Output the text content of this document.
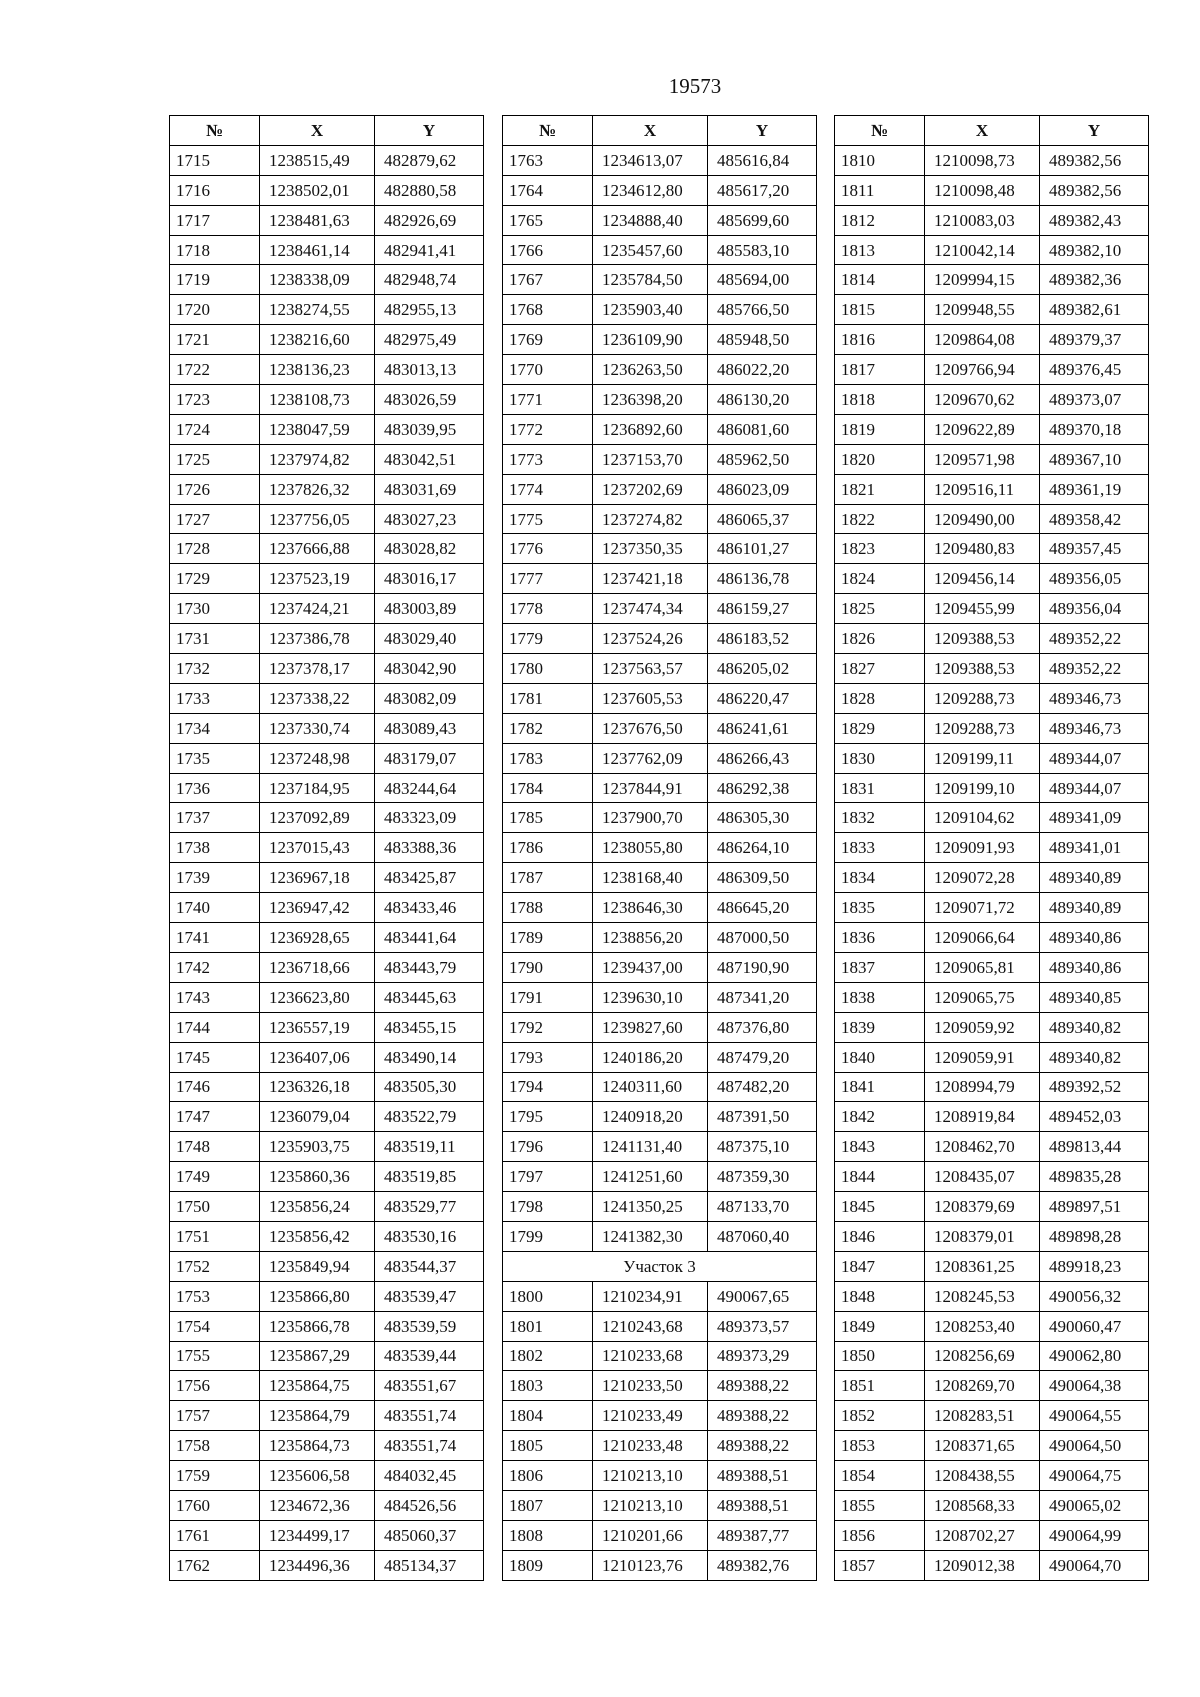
19573
№	X	Y
1715	1238515,49	482879,62
1716	1238502,01	482880,58
1717	1238481,63	482926,69
1718	1238461,14	482941,41
1719	1238338,09	482948,74
1720	1238274,55	482955,13
1721	1238216,60	482975,49
1722	1238136,23	483013,13
1723	1238108,73	483026,59
1724	1238047,59	483039,95
1725	1237974,82	483042,51
1726	1237826,32	483031,69
1727	1237756,05	483027,23
1728	1237666,88	483028,82
1729	1237523,19	483016,17
1730	1237424,21	483003,89
1731	1237386,78	483029,40
1732	1237378,17	483042,90
1733	1237338,22	483082,09
1734	1237330,74	483089,43
1735	1237248,98	483179,07
1736	1237184,95	483244,64
1737	1237092,89	483323,09
1738	1237015,43	483388,36
1739	1236967,18	483425,87
1740	1236947,42	483433,46
1741	1236928,65	483441,64
1742	1236718,66	483443,79
1743	1236623,80	483445,63
1744	1236557,19	483455,15
1745	1236407,06	483490,14
1746	1236326,18	483505,30
1747	1236079,04	483522,79
1748	1235903,75	483519,11
1749	1235860,36	483519,85
1750	1235856,24	483529,77
1751	1235856,42	483530,16
1752	1235849,94	483544,37
1753	1235866,80	483539,47
1754	1235866,78	483539,59
1755	1235867,29	483539,44
1756	1235864,75	483551,67
1757	1235864,79	483551,74
1758	1235864,73	483551,74
1759	1235606,58	484032,45
1760	1234672,36	484526,56
1761	1234499,17	485060,37
1762	1234496,36	485134,37
№	X	Y
1763	1234613,07	485616,84
1764	1234612,80	485617,20
1765	1234888,40	485699,60
1766	1235457,60	485583,10
1767	1235784,50	485694,00
1768	1235903,40	485766,50
1769	1236109,90	485948,50
1770	1236263,50	486022,20
1771	1236398,20	486130,20
1772	1236892,60	486081,60
1773	1237153,70	485962,50
1774	1237202,69	486023,09
1775	1237274,82	486065,37
1776	1237350,35	486101,27
1777	1237421,18	486136,78
1778	1237474,34	486159,27
1779	1237524,26	486183,52
1780	1237563,57	486205,02
1781	1237605,53	486220,47
1782	1237676,50	486241,61
1783	1237762,09	486266,43
1784	1237844,91	486292,38
1785	1237900,70	486305,30
1786	1238055,80	486264,10
1787	1238168,40	486309,50
1788	1238646,30	486645,20
1789	1238856,20	487000,50
1790	1239437,00	487190,90
1791	1239630,10	487341,20
1792	1239827,60	487376,80
1793	1240186,20	487479,20
1794	1240311,60	487482,20
1795	1240918,20	487391,50
1796	1241131,40	487375,10
1797	1241251,60	487359,30
1798	1241350,25	487133,70
1799	1241382,30	487060,40
Участок 3		
1800	1210234,91	490067,65
1801	1210243,68	489373,57
1802	1210233,68	489373,29
1803	1210233,50	489388,22
1804	1210233,49	489388,22
1805	1210233,48	489388,22
1806	1210213,10	489388,51
1807	1210213,10	489388,51
1808	1210201,66	489387,77
1809	1210123,76	489382,76
№	X	Y
1810	1210098,73	489382,56
1811	1210098,48	489382,56
1812	1210083,03	489382,43
1813	1210042,14	489382,10
1814	1209994,15	489382,36
1815	1209948,55	489382,61
1816	1209864,08	489379,37
1817	1209766,94	489376,45
1818	1209670,62	489373,07
1819	1209622,89	489370,18
1820	1209571,98	489367,10
1821	1209516,11	489361,19
1822	1209490,00	489358,42
1823	1209480,83	489357,45
1824	1209456,14	489356,05
1825	1209455,99	489356,04
1826	1209388,53	489352,22
1827	1209388,53	489352,22
1828	1209288,73	489346,73
1829	1209288,73	489346,73
1830	1209199,11	489344,07
1831	1209199,10	489344,07
1832	1209104,62	489341,09
1833	1209091,93	489341,01
1834	1209072,28	489340,89
1835	1209071,72	489340,89
1836	1209066,64	489340,86
1837	1209065,81	489340,86
1838	1209065,75	489340,85
1839	1209059,92	489340,82
1840	1209059,91	489340,82
1841	1208994,79	489392,52
1842	1208919,84	489452,03
1843	1208462,70	489813,44
1844	1208435,07	489835,28
1845	1208379,69	489897,51
1846	1208379,01	489898,28
1847	1208361,25	489918,23
1848	1208245,53	490056,32
1849	1208253,40	490060,47
1850	1208256,69	490062,80
1851	1208269,70	490064,38
1852	1208283,51	490064,55
1853	1208371,65	490064,50
1854	1208438,55	490064,75
1855	1208568,33	490065,02
1856	1208702,27	490064,99
1857	1209012,38	490064,70
